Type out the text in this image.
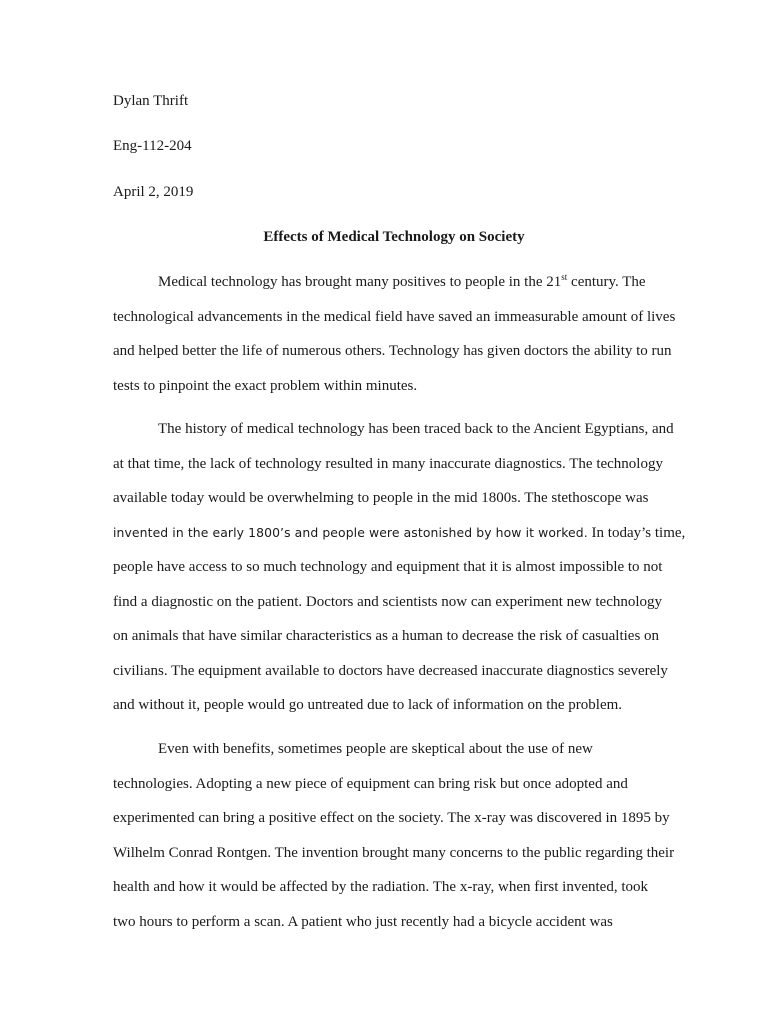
Dylan Thrift

Eng-112-204

April 2, 2019

Effects of Medical Technology on Society
Medical technology has brought many positives to people in the 21st century. The
technological advancements in the medical field have saved an immeasurable amount of lives
and helped better the life of numerous others. Technology has given doctors the ability to run
tests to pinpoint the exact problem within minutes.
The history of medical technology has been traced back to the Ancient Egyptians, and
at that time, the lack of technology resulted in many inaccurate diagnostics. The technology
available today would be overwhelming to people in the mid 1800s. The stethoscope was
invented in the early 1800’s and people were astonished by how it worked. In today’s time,
people have access to so much technology and equipment that it is almost impossible to not
find a diagnostic on the patient. Doctors and scientists now can experiment new technology
on animals that have similar characteristics as a human to decrease the risk of casualties on
civilians. The equipment available to doctors have decreased inaccurate diagnostics severely
and without it, people would go untreated due to lack of information on the problem.
Even with benefits, sometimes people are skeptical about the use of new
technologies. Adopting a new piece of equipment can bring risk but once adopted and
experimented can bring a positive effect on the society. The x-ray was discovered in 1895 by
Wilhelm Conrad Rontgen. The invention brought many concerns to the public regarding their
health and how it would be affected by the radiation. The x-ray, when first invented, took
two hours to perform a scan. A patient who just recently had a bicycle accident was
